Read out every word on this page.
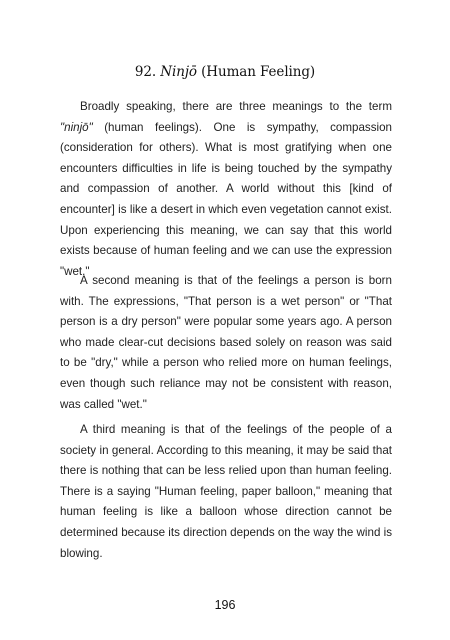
92. Ninjō (Human Feeling)

Broadly speaking, there are three meanings to the term "ninjō" (human feelings). One is sympathy, compassion (consideration for others). What is most gratifying when one encounters difficulties in life is being touched by the sympathy and compassion of another. A world without this [kind of encounter] is like a desert in which even vegetation cannot exist. Upon experiencing this meaning, we can say that this world exists because of human feeling and we can use the expression "wet."

A second meaning is that of the feelings a person is born with. The expressions, "That person is a wet person" or "That person is a dry person" were popular some years ago. A person who made clear-cut decisions based solely on reason was said to be "dry," while a person who relied more on human feelings, even though such reliance may not be consistent with reason, was called "wet."

A third meaning is that of the feelings of the people of a society in general. According to this meaning, it may be said that there is nothing that can be less relied upon than human feeling. There is a saying "Human feeling, paper balloon," meaning that human feeling is like a balloon whose direction cannot be determined because its direction depends on the way the wind is blowing.

196
